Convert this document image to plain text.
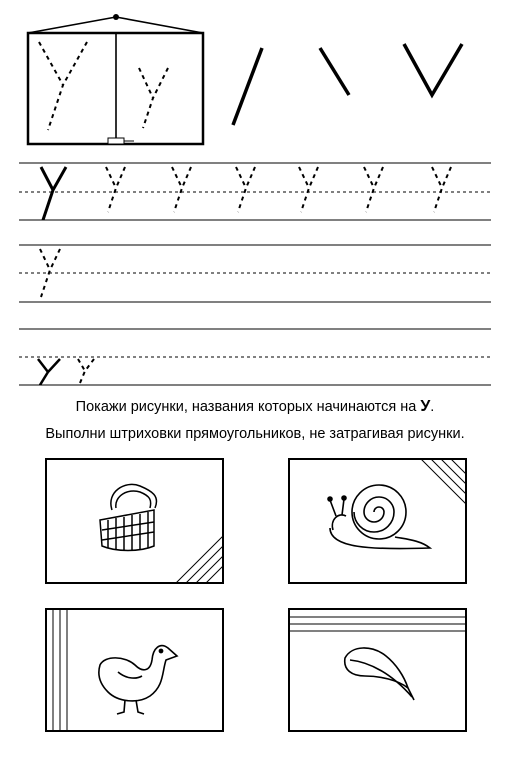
Покажи рисунки, названия которых начинаются на У.
Выполни штриховки прямоугольников, не затрагивая рисунки.
